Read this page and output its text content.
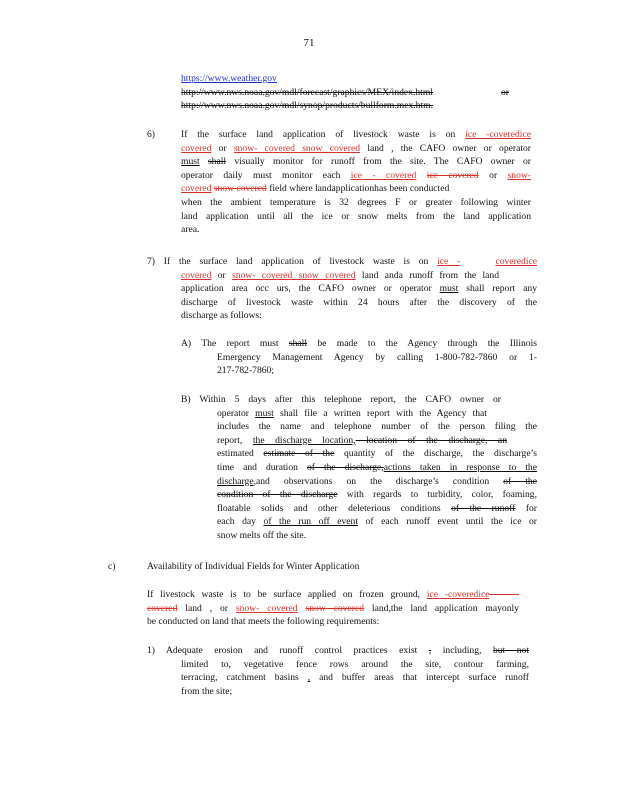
71
https://www.weather.gov
http://www.nws.noaa.gov/mdl/forecast/graphics/MEX/index.html	or
http://www.nws.noaa.gov/mdl/synop/products/bullform.mex.htm.
6)	If the surface land application of livestock waste is on ice -coveredice
covered or snow- covered snow covered land , the CAFO owner or operator
must shall visually monitor for runoff from the site. The CAFO owner or
operator daily must monitor each ice - covered ice covered or snow-
covered snow covered field where landapplicationhas been conducted
when the ambient temperature is 32 degrees F or greater following winter
land application until all the ice or snow melts from the land application
area.
7) If the surface land application of livestock waste is on ice -	coveredice
covered or snow- covered snow covered land anda runoff from the land
application area occ urs, the CAFO owner or operator must shall report any
discharge of livestock waste within 24 hours after the discovery of the
discharge as follows:
A) The report must shall be made to the Agency through the Illinois
Emergency Management Agency by calling 1-800-782-7860 or 1-
217-782-7860;
B) Within 5 days after this telephone report, the CAFO owner or
operator must shall file a written report with the Agency that
includes the name and telephone number of the person filing the
report, the discharge location, location of the discharge, an
estimated estimate of the quantity of the discharge, the discharge’s
time and duration of the discharge,actions taken in response to the
discharge,and observations on the discharge’s condition of the
condition of the discharge with regards to turbidity, color, foaming,
floatable solids and other deleterious conditions of the runoff for
each day of the run off event of each runoff event until the ice or
snow melts off the site.
c)	Availability of Individual Fields for Winter Application
If livestock waste is to be surface applied on frozen ground, ice -coveredice
covered land , or snow- covered snow covered land,the land application mayonly
be conducted on land that meets the following requirements:
1) Adequate erosion and runoff control practices exist , including, but not
limited to, vegetative fence rows around the site, contour farming,
terracing, catchment basins , and buffer areas that intercept surface runoff
from the site;
